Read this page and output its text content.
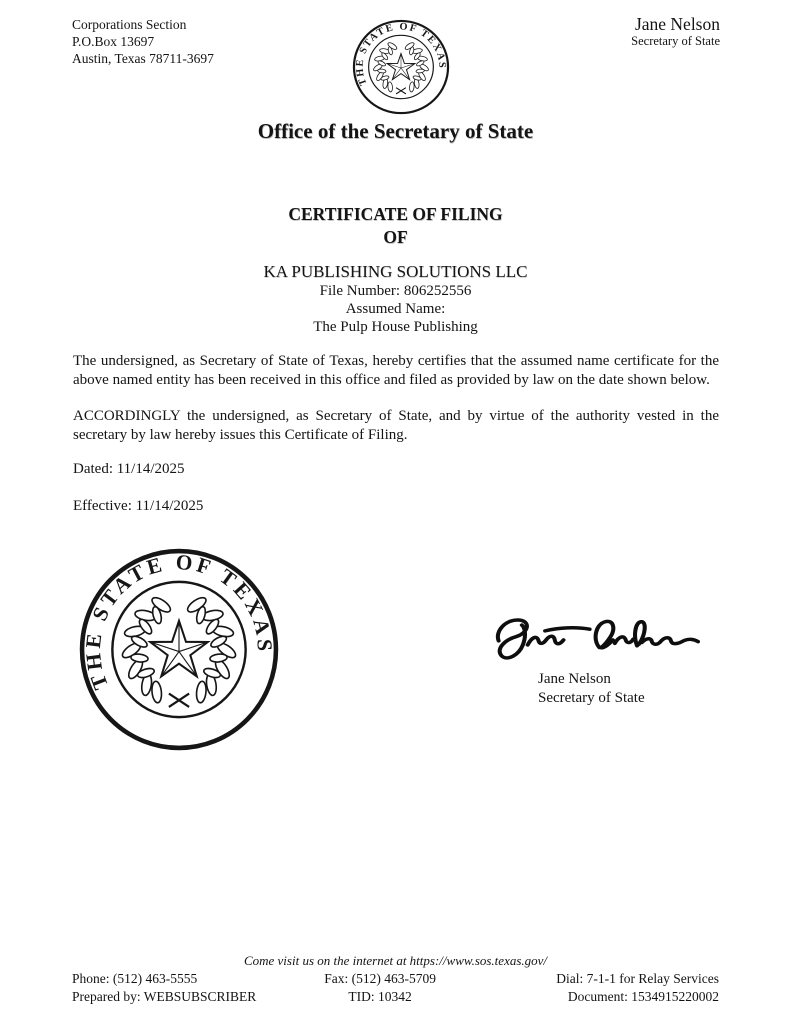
Corporations Section
P.O.Box 13697
Austin, Texas 78711-3697
Jane Nelson
Secretary of State
Office of the Secretary of State
CERTIFICATE OF FILING
OF
KA PUBLISHING SOLUTIONS LLC
File Number: 806252556
Assumed Name:
The Pulp House Publishing
The undersigned, as Secretary of State of Texas, hereby certifies that the assumed name certificate for the above named entity has been received in this office and filed as provided by law on the date shown below.
ACCORDINGLY the undersigned, as Secretary of State, and by virtue of the authority vested in the secretary by law hereby issues this Certificate of Filing.
Dated: 11/14/2025
Effective: 11/14/2025
Jane Nelson
Secretary of State
Come visit us on the internet at https://www.sos.texas.gov/
Phone: (512) 463-5555	Fax: (512) 463-5709	Dial: 7-1-1 for Relay Services
Prepared by: WEBSUBSCRIBER	TID: 10342	Document: 1534915220002
